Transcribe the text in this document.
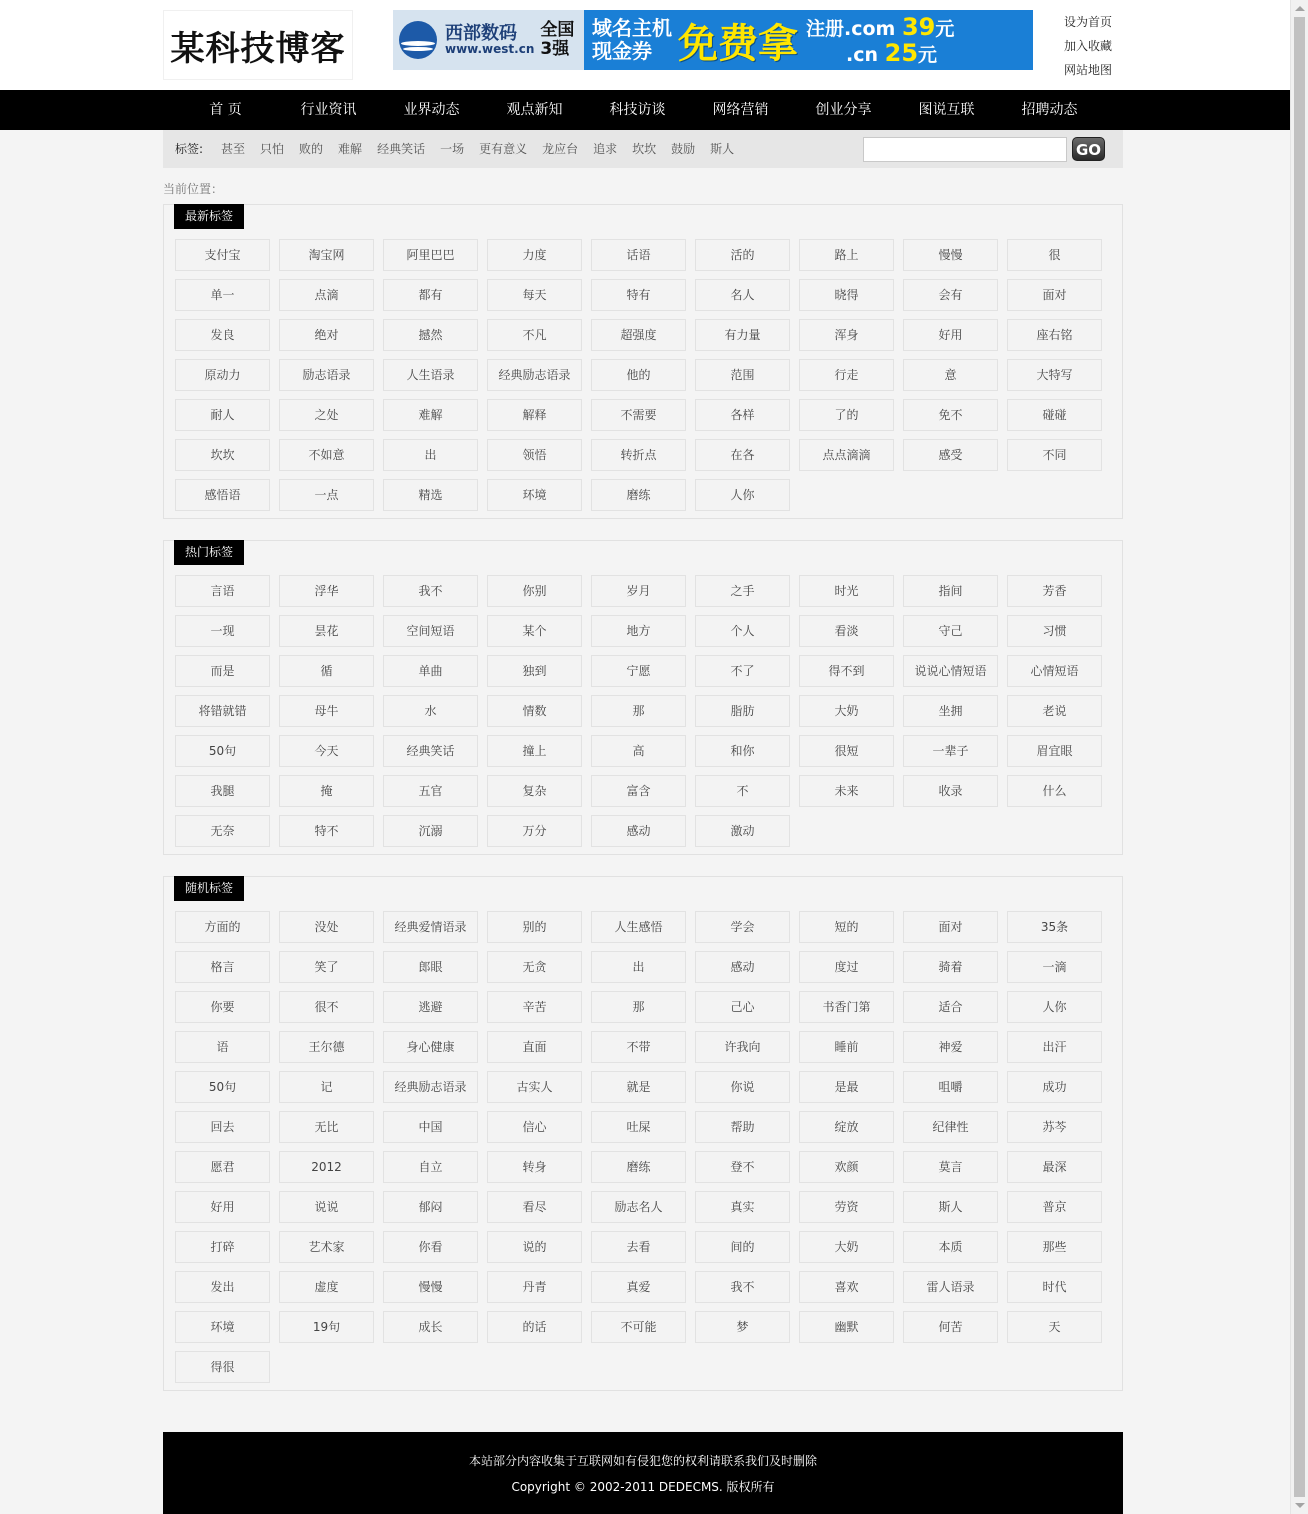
某科技博客	西部数码
www.west.cn
全国
3强
域名主机
现金券 免费拿 注册.com 39元
.cn 25元
设为首页
加入收藏
网站地图
首 页	行业资讯	业界动态	观点新知	科技访谈	网络营销	创业分享	图说互联	招聘动态
标签: 甚至 只怕 败的 难解 经典笑话 一场 更有意义 龙应台 追求 坎坎 鼓励 斯人	GO
当前位置：
最新标签
支付宝	淘宝网	阿里巴巴	力度	话语	活的	路上	慢慢	很
单一	点滴	都有	每天	特有	名人	晓得	会有	面对
发良	绝对	撼然	不凡	超强度	有力量	浑身	好用	座右铭
原动力	励志语录	人生语录	经典励志语录	他的	范围	行走	意	大特写
耐人	之处	难解	解释	不需要	各样	了的	免不	碰碰
坎坎	不如意	出	领悟	转折点	在各	点点滴滴	感受	不同
感悟语	一点	精选	环境	磨练	人你
热门标签
言语	浮华	我不	你别	岁月	之手	时光	指间	芳香
一现	昙花	空间短语	某个	地方	个人	看淡	守己	习惯
而是	循	单曲	独到	宁愿	不了	得不到	说说心情短语	心情短语
将错就错	母牛	水	情数	那	脂肪	大奶	坐拥	老说
50句	今天	经典笑话	撞上	高	和你	很短	一辈子	眉宜眼
我腿	掩	五官	复杂	富含	不	未来	收录	什么
无奈	特不	沉溺	万分	感动	激动
随机标签
方面的	没处	经典爱情语录	别的	人生感悟	学会	短的	面对	35条
格言	笑了	郎眼	无贪	出	感动	度过	骑着	一滴
你要	很不	逃避	辛苦	那	己心	书香门第	适合	人你
语	王尔德	身心健康	直面	不带	许我向	睡前	神爱	出汗
50句	记	经典励志语录	古实人	就是	你说	是最	咀嚼	成功
回去	无比	中国	信心	吐屎	帮助	绽放	纪律性	苏芩
愿君	2012	自立	转身	磨练	登不	欢颜	莫言	最深
好用	说说	郁闷	看尽	励志名人	真实	劳资	斯人	普京
打碎	艺术家	你看	说的	去看	间的	大奶	本质	那些
发出	虚度	慢慢	丹青	真爱	我不	喜欢	雷人语录	时代
环境	19句	成长	的话	不可能	梦	幽默	何苦	天
得很
本站部分内容收集于互联网如有侵犯您的权利请联系我们及时删除
Copyright © 2002-2011 DEDECMS. 版权所有
